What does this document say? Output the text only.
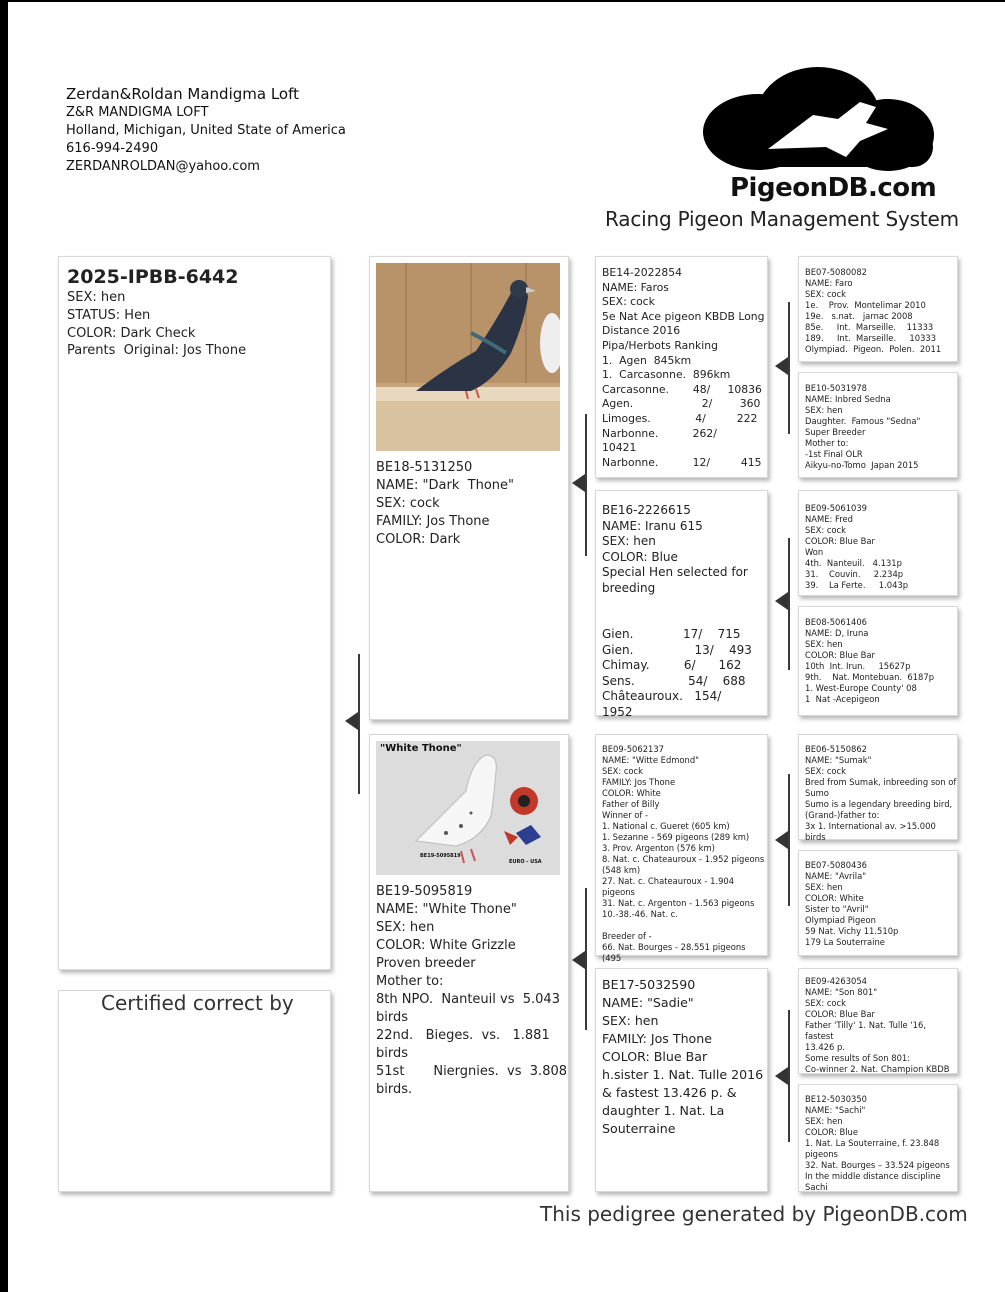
Zerdan&Roldan Mandigma Loft
Z&R MANDIGMA LOFT
Holland, Michigan, United State of America
616-994-2490
ZERDANROLDAN@yahoo.com
PigeonDB.com
Racing Pigeon Management System
2025-IPBB-6442
SEX: hen
STATUS: Hen
COLOR: Dark Check
Parents  Original: Jos Thone
Certified correct by
BE18-5131250
NAME: "Dark  Thone"
SEX: cock
FAMILY: Jos Thone
COLOR: Dark
"White Thone"
BE19-5095819
EURO - USA
BE19-5095819
NAME: "White Thone"
SEX: hen
COLOR: White Grizzle
Proven breeder
Mother to:
8th NPO.  Nanteuil vs  5.043
birds
22nd.   Bieges.  vs.   1.881
birds
51st       Niergnies.  vs  3.808
birds.
BE14-2022854
NAME: Faros
SEX: cock
5e Nat Ace pigeon KBDB Long
Distance 2016
Pipa/Herbots Ranking
1.  Agen  845km
1.  Carcasonne.  896km
Carcasonne.       48/     10836
Agen.                    2/        360
Limoges.             4/         222
Narbonne.          262/
10421
Narbonne.          12/         415
BE16-2226615
NAME: Iranu 615
SEX: hen
COLOR: Blue
Special Hen selected for
breeding

Gien.             17/    715
Gien.                13/    493
Chimay.         6/      162
Sens.              54/    688
Châteauroux.   154/     1952
BE09-5062137
NAME: "Witte Edmond"
SEX: cock
FAMILY: Jos Thone
COLOR: White
Father of Billy
Winner of -
1. National c. Gueret (605 km)
1. Sezanne - 569 pigeons (289 km)
3. Prov. Argenton (576 km)
8. Nat. c. Chateauroux - 1.952 pigeons
(548 km)
27. Nat. c. Chateauroux - 1.904 pigeons
31. Nat. c. Argenton - 1.563 pigeons
10.-38.-46. Nat. c.

Breeder of -
66. Nat. Bourges - 28.551 pigeons (495
BE17-5032590
NAME: "Sadie"
SEX: hen
FAMILY: Jos Thone
COLOR: Blue Bar
h.sister 1. Nat. Tulle 2016
& fastest 13.426 p. &
daughter 1. Nat. La
Souterraine
BE07-5080082
NAME: Faro
SEX: cock
1e.    Prov.  Montelimar 2010
19e.   s.nat.   jarnac 2008
85e.     Int.  Marseille.    11333
189.     Int.  Marseille.     10333
Olympiad.  Pigeon.  Polen.  2011
BE10-5031978
NAME: Inbred Sedna
SEX: hen
Daughter.  Famous "Sedna"
Super Breeder
Mother to:
-1st Final OLR
Aikyu-no-Tomo  Japan 2015
BE09-5061039
NAME: Fred
SEX: cock
COLOR: Blue Bar
Won
4th.  Nanteuil.   4.131p
31.    Couvin.     2.234p
39.    La Ferte.     1.043p
BE08-5061406
NAME: D, Iruna
SEX: hen
COLOR: Blue Bar
10th  Int. Irun.     15627p
9th.    Nat. Montebuan.  6187p
1. West-Europe County' 08
1  Nat -Acepigeon
BE06-5150862
NAME: "Sumak"
SEX: cock
Bred from Sumak, inbreeding son of
Sumo
Sumo is a legendary breeding bird,
(Grand-)father to:
3x 1. International av. >15.000 birds
BE07-5080436
NAME: "Avrila"
SEX: hen
COLOR: White
Sister to "Avril"
Olympiad Pigeon
59 Nat. Vichy 11.510p
179 La Souterraine
BE09-4263054
NAME: "Son 801"
SEX: cock
COLOR: Blue Bar
Father 'Tilly' 1. Nat. Tulle '16, fastest
13.426 p.
Some results of Son 801:
Co-winner 2. Nat. Champion KBDB
BE12-5030350
NAME: "Sachi"
SEX: hen
COLOR: Blue
1. Nat. La Souterraine, f. 23.848
pigeons
32. Nat. Bourges – 33.524 pigeons
In the middle distance discipline Sachi
This pedigree generated by PigeonDB.com
